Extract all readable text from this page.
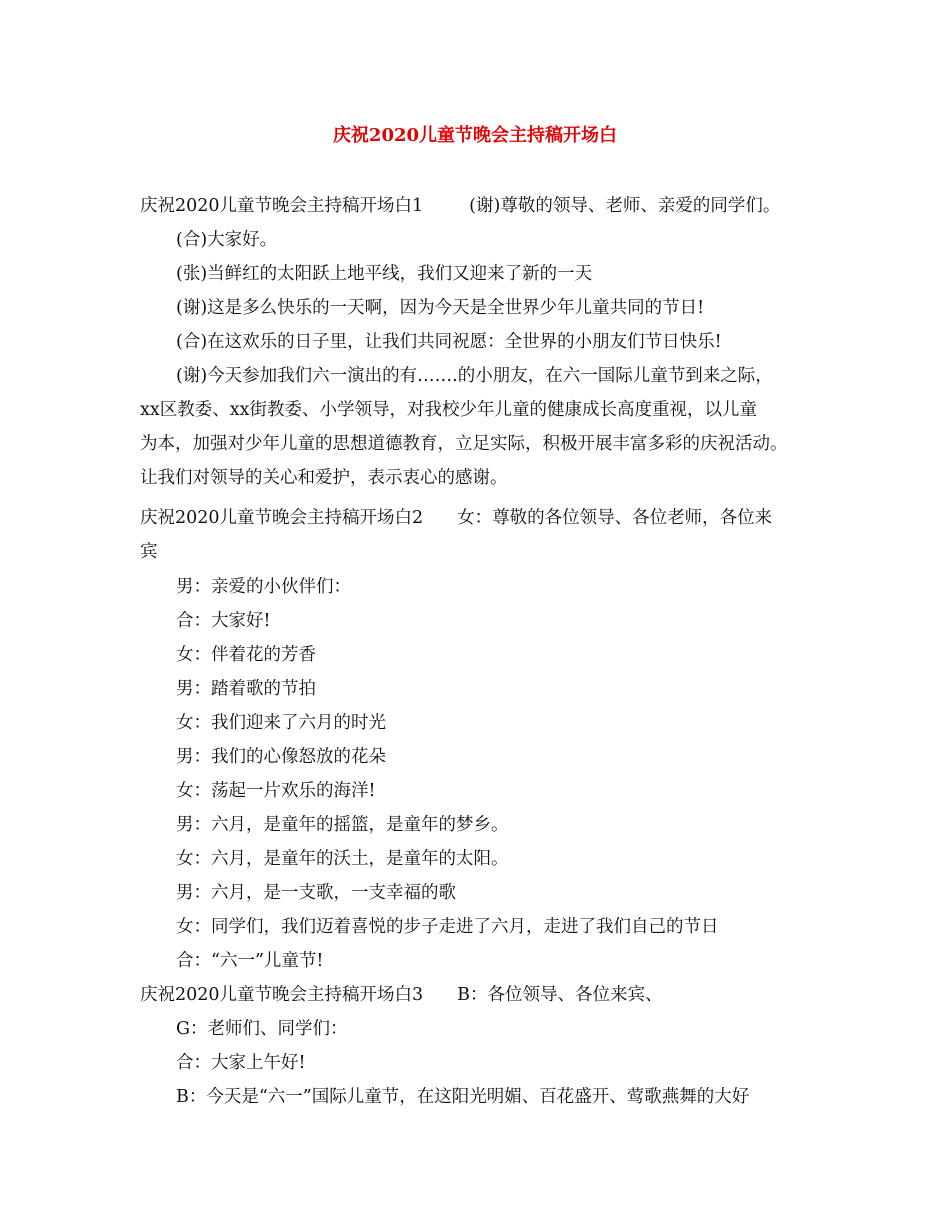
庆祝2020儿童节晚会主持稿开场白
庆祝2020儿童节晚会主持稿开场白1	(谢)尊敬的领导、老师、亲爱的同学们。
(合)大家好。
(张)当鲜红的太阳跃上地平线，我们又迎来了新的一天
(谢)这是多么快乐的一天啊，因为今天是全世界少年儿童共同的节日!
(合)在这欢乐的日子里，让我们共同祝愿：全世界的小朋友们节日快乐!
(谢)今天参加我们六一演出的有…….的小朋友，在六一国际儿童节到来之际，
xx区教委、xx街教委、小学领导，对我校少年儿童的健康成长高度重视，以儿童
为本，加强对少年儿童的思想道德教育，立足实际，积极开展丰富多彩的庆祝活动。
让我们对领导的关心和爱护，表示衷心的感谢。
庆祝2020儿童节晚会主持稿开场白2 女：尊敬的各位领导、各位老师，各位来
宾
男：亲爱的小伙伴们：
合：大家好!
女：伴着花的芳香
男：踏着歌的节拍
女：我们迎来了六月的时光
男：我们的心像怒放的花朵
女：荡起一片欢乐的海洋!
男：六月，是童年的摇篮，是童年的梦乡。
女：六月，是童年的沃土，是童年的太阳。
男：六月，是一支歌，一支幸福的歌
女：同学们，我们迈着喜悦的步子走进了六月，走进了我们自己的节日
合：“六一”儿童节!
庆祝2020儿童节晚会主持稿开场白3 B：各位领导、各位来宾、
G：老师们、同学们：
合：大家上午好!
B：今天是“六一”国际儿童节，在这阳光明媚、百花盛开、莺歌燕舞的大好
